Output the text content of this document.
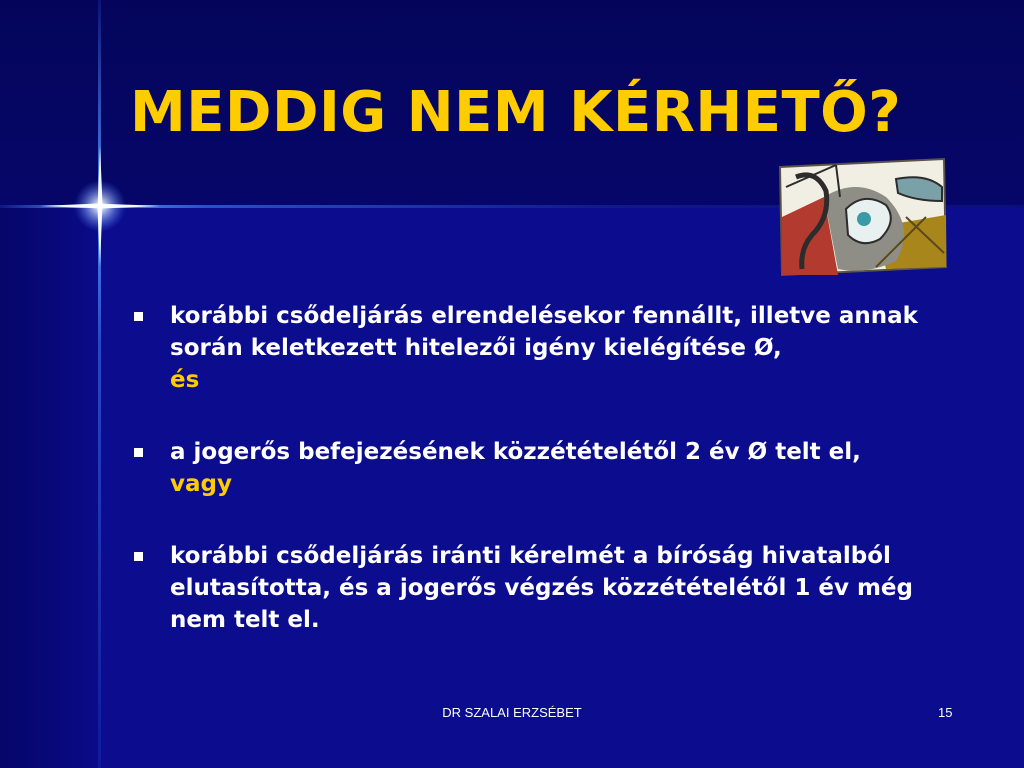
MEDDIG NEM KÉRHETŐ?
korábbi csődeljárás elrendelésekor fennállt, illetve annak során keletkezett hitelezői igény kielégítése Ø,
és
a jogerős befejezésének közzétételétől 2 év Ø telt el,
vagy
korábbi csődeljárás iránti kérelmét a bíróság hivatalból elutasította, és a jogerős végzés közzétételétől 1 év még nem telt el.
DR SZALAI ERZSÉBET	15
